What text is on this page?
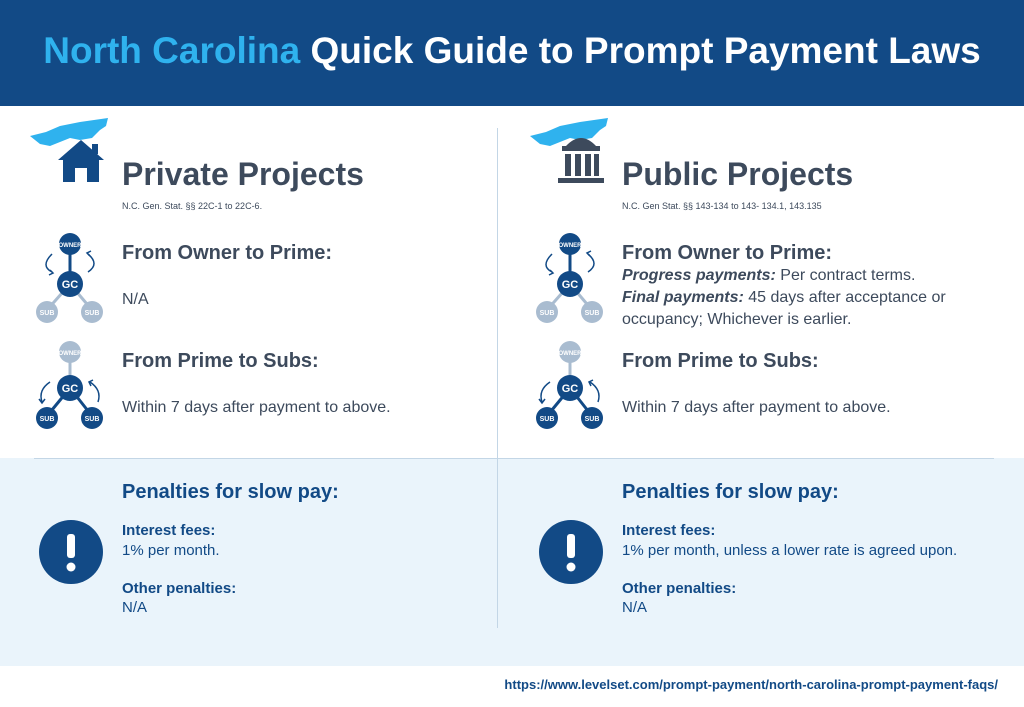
North Carolina Quick Guide to Prompt Payment Laws
Private Projects
N.C. Gen. Stat. §§ 22C-1 to 22C-6.
OWNER
GC
SUB	SUB
From Owner to Prime:
N/A
OWNER
GC
SUB	SUB
From Prime to Subs:
Within 7 days after payment to above.
Penalties for slow pay:
Interest fees:
1% per month.
Other penalties:
N/A
Public Projects
N.C. Gen Stat. §§ 143-134 to 143- 134.1, 143.135
OWNER
GC
SUB	SUB
From Owner to Prime:
Progress payments: Per contract terms.
Final payments: 45 days after acceptance or occupancy; Whichever is earlier.
OWNER
GC
SUB	SUB
From Prime to Subs:
Within 7 days after payment to above.
Penalties for slow pay:
Interest fees:
1% per month, unless a lower rate is agreed upon.
Other penalties:
N/A
https://www.levelset.com/prompt-payment/north-carolina-prompt-payment-faqs/
